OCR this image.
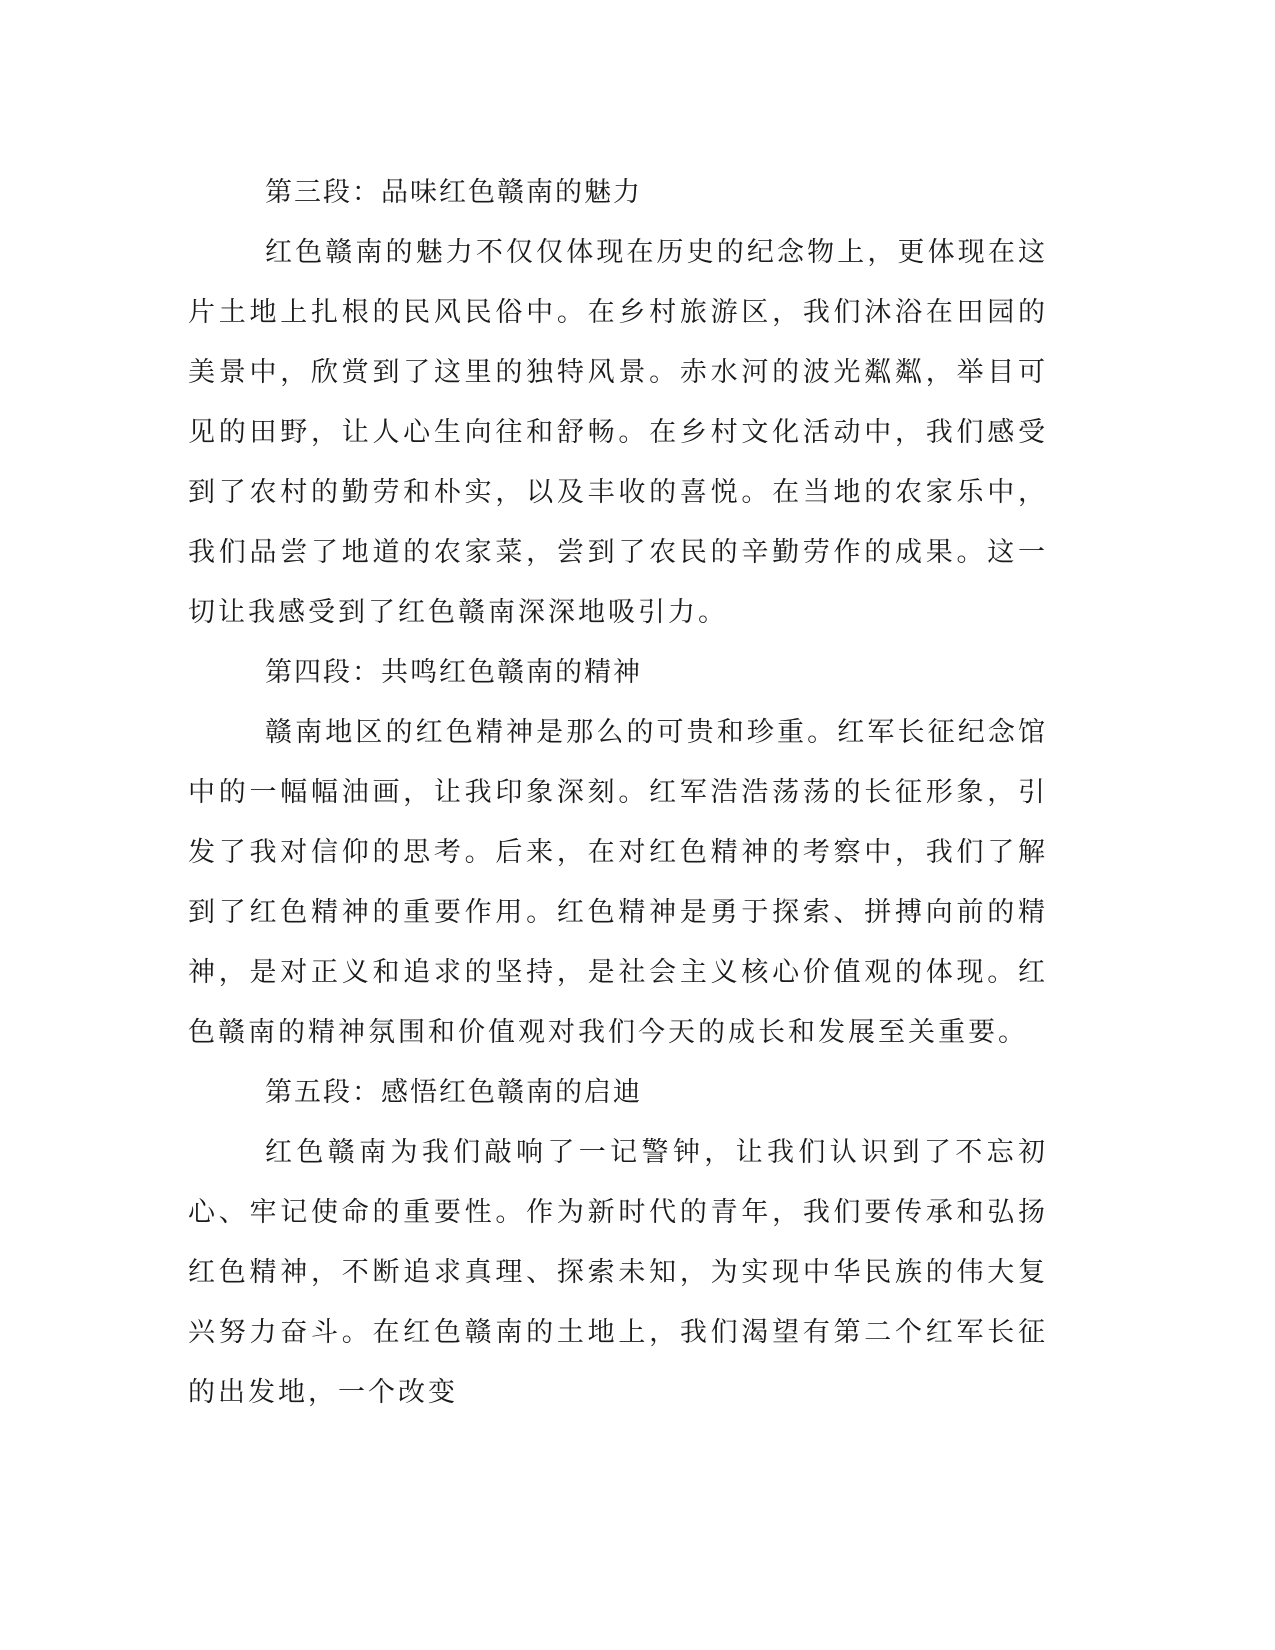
第三段：品味红色赣南的魅力

红色赣南的魅力不仅仅体现在历史的纪念物上，更体现在这片土地上扎根的民风民俗中。在乡村旅游区，我们沐浴在田园的美景中，欣赏到了这里的独特风景。赤水河的波光粼粼，举目可见的田野，让人心生向往和舒畅。在乡村文化活动中，我们感受到了农村的勤劳和朴实，以及丰收的喜悦。在当地的农家乐中，我们品尝了地道的农家菜，尝到了农民的辛勤劳作的成果。这一切让我感受到了红色赣南深深地吸引力。

第四段：共鸣红色赣南的精神

赣南地区的红色精神是那么的可贵和珍重。红军长征纪念馆中的一幅幅油画，让我印象深刻。红军浩浩荡荡的长征形象，引发了我对信仰的思考。后来，在对红色精神的考察中，我们了解到了红色精神的重要作用。红色精神是勇于探索、拼搏向前的精神，是对正义和追求的坚持，是社会主义核心价值观的体现。红色赣南的精神氛围和价值观对我们今天的成长和发展至关重要。

第五段：感悟红色赣南的启迪

红色赣南为我们敲响了一记警钟，让我们认识到了不忘初心、牢记使命的重要性。作为新时代的青年，我们要传承和弘扬红色精神，不断追求真理、探索未知，为实现中华民族的伟大复兴努力奋斗。在红色赣南的土地上，我们渴望有第二个红军长征的出发地，一个改变
